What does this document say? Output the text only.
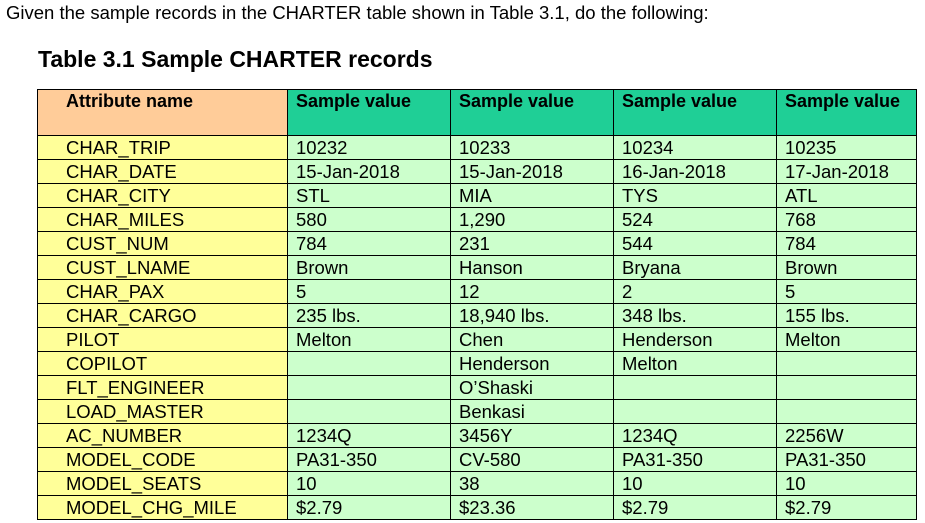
Given the sample records in the CHARTER table shown in Table 3.1, do the following:
Table 3.1 Sample CHARTER records
Attribute name	Sample value	Sample value	Sample value	Sample value
CHAR_TRIP	10232	10233	10234	10235
CHAR_DATE	15-Jan-2018	15-Jan-2018	16-Jan-2018	17-Jan-2018
CHAR_CITY	STL	MIA	TYS	ATL
CHAR_MILES	580	1,290	524	768
CUST_NUM	784	231	544	784
CUST_LNAME	Brown	Hanson	Bryana	Brown
CHAR_PAX	5	12	2	5
CHAR_CARGO	235 lbs.	18,940 lbs.	348 lbs.	155 lbs.
PILOT	Melton	Chen	Henderson	Melton
COPILOT		Henderson	Melton	
FLT_ENGINEER		O’Shaski		
LOAD_MASTER		Benkasi		
AC_NUMBER	1234Q	3456Y	1234Q	2256W
MODEL_CODE	PA31-350	CV-580	PA31-350	PA31-350
MODEL_SEATS	10	38	10	10
MODEL_CHG_MILE	$2.79	$23.36	$2.79	$2.79
